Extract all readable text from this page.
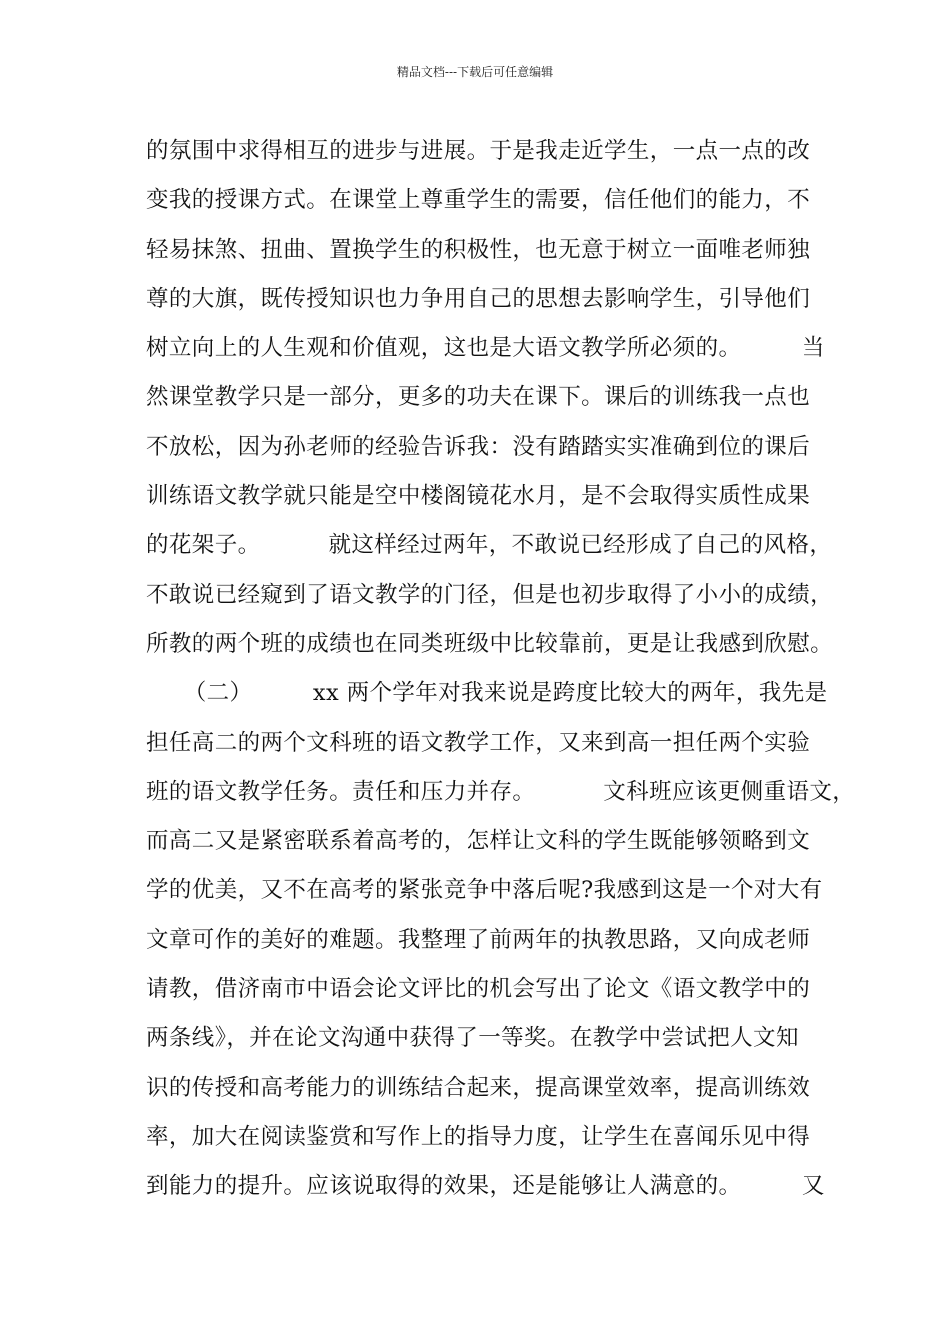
精品文档---下载后可任意编辑
的氛围中求得相互的进步与进展。于是我走近学生，一点一点的改
变我的授课方式。在课堂上尊重学生的需要，信任他们的能力，不
轻易抹煞、扭曲、置换学生的积极性，也无意于树立一面唯老师独
尊的大旗，既传授知识也力争用自己的思想去影响学生，引导他们
树立向上的人生观和价值观，这也是大语文教学所必须的。        当
然课堂教学只是一部分，更多的功夫在课下。课后的训练我一点也
不放松，因为孙老师的经验告诉我：没有踏踏实实准确到位的课后
训练语文教学就只能是空中楼阁镜花水月，是不会取得实质性成果
的花架子。         就这样经过两年，不敢说已经形成了自己的风格，
不敢说已经窥到了语文教学的门径，但是也初步取得了小小的成绩，
所教的两个班的成绩也在同类班级中比较靠前，更是让我感到欣慰。
（二）        xx 两个学年对我来说是跨度比较大的两年，我先是
担任高二的两个文科班的语文教学工作，又来到高一担任两个实验
班的语文教学任务。责任和压力并存。         文科班应该更侧重语文，
而高二又是紧密联系着高考的，怎样让文科的学生既能够领略到文
学的优美，又不在高考的紧张竞争中落后呢?我感到这是一个对大有
文章可作的美好的难题。我整理了前两年的执教思路，又向成老师
请教，借济南市中语会论文评比的机会写出了论文《语文教学中的
两条线》，并在论文沟通中获得了一等奖。在教学中尝试把人文知
识的传授和高考能力的训练结合起来，提高课堂效率，提高训练效
率，加大在阅读鉴赏和写作上的指导力度，让学生在喜闻乐见中得
到能力的提升。应该说取得的效果，还是能够让人满意的。        又
